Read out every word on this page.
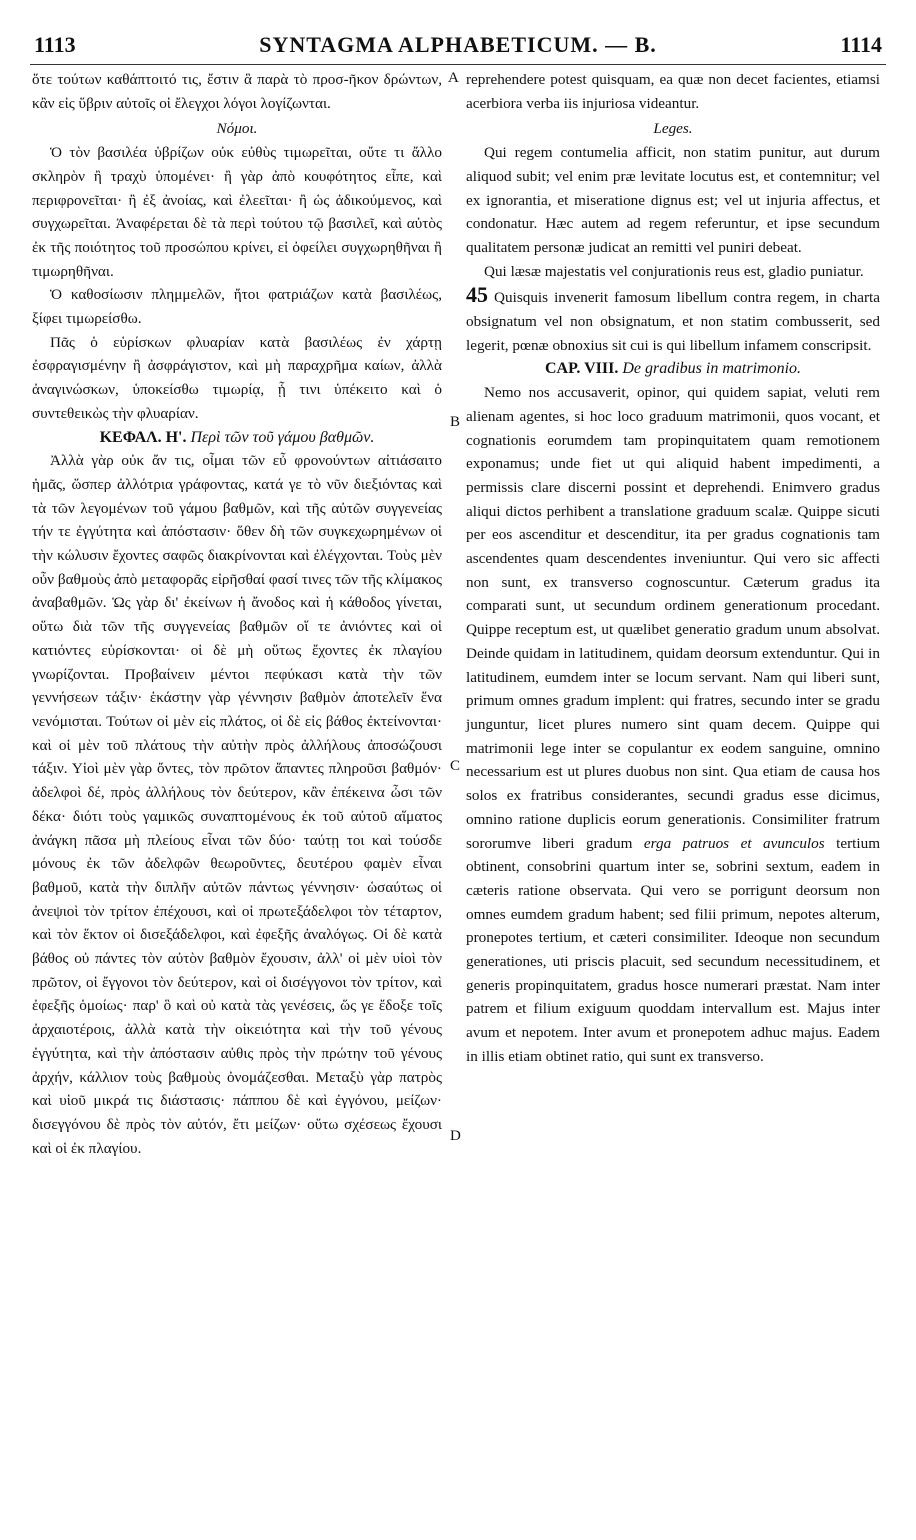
1113	SYNTAGMA ALPHABETICUM. — B.	1114

ὅτε τούτων καθάπτοιτό τις, ἔστιν ἃ παρὰ τὸ προσ-ῆκον δρώντων, κἂν εἰς ὕβριν αὐτοῖς οἱ ἔλεγχοι λόγοι λογίζωνται.

Νόμοι.

Ὁ τὸν βασιλέα ὑβρίζων οὐκ εὐθὺς τιμωρεῖται, οὔτε τι ἄλλο σκληρὸν ἢ τραχὺ ὑπομένει· ἢ γὰρ ἀπὸ κουφότητος εἶπε, καὶ περιφρονεῖται· ἢ ἐξ ἀνοίας, καὶ ἐλεεῖται· ἢ ὡς ἀδικούμενος, καὶ συγχωρεῖται. Ἀναφέρεται δὲ τὰ περὶ τούτου τῷ βασιλεῖ, καὶ αὐτὸς ἐκ τῆς ποιότητος τοῦ προσώπου κρίνει, εἰ ὀφείλει συγχωρηθῆναι ἢ τιμωρηθῆναι.

Ὁ καθοσίωσιν πλημμελῶν, ἤτοι φατριάζων κατὰ βασιλέως, ξίφει τιμωρείσθω.

Πᾶς ὁ εὑρίσκων φλυαρίαν κατὰ βασιλέως ἐν χάρτῃ ἐσφραγισμένην ἢ ἀσφράγιστον, καὶ μὴ παραχρῆμα καίων, ἀλλὰ ἀναγινώσκων, ὑποκείσθω τιμωρίᾳ, ᾗ τινι ὑπέκειτο καὶ ὁ συντεθεικὼς τὴν φλυαρίαν.

ΚΕΦΑΛ. Η'. Περὶ τῶν τοῦ γάμου βαθμῶν.

Ἀλλὰ γὰρ οὐκ ἄν τις, οἶμαι τῶν εὖ φρονούντων αἰτιάσαιτο ἡμᾶς, ὥσπερ ἀλλότρια γράφοντας, κατά γε τὸ νῦν διεξιόντας καὶ τὰ τῶν λεγομένων τοῦ γάμου βαθμῶν, καὶ τῆς αὐτῶν συγγενείας τήν τε ἐγγύτητα καὶ ἀπόστασιν· ὅθεν δὴ τῶν συγκεχωρημένων οἱ τὴν κώλυσιν ἔχοντες σαφῶς διακρίνονται καὶ ἐλέγχονται. Τοὺς μὲν οὖν βαθμοὺς ἀπὸ μεταφορᾶς εἰρῆσθαί φασί τινες τῶν τῆς κλίμακος ἀναβαθμῶν. Ὡς γὰρ δι' ἐκείνων ἡ ἄνοδος καὶ ἡ κάθοδος γίνεται, οὕτω διὰ τῶν τῆς συγγενείας βαθμῶν οἵ τε ἀνιόντες καὶ οἱ κατιόντες εὑρίσκονται· οἱ δὲ μὴ οὕτως ἔχοντες ἐκ πλαγίου γνωρίζονται. Προβαίνειν μέντοι πεφύκασι κατὰ τὴν τῶν γεννήσεων τάξιν· ἑκάστην γὰρ γέννησιν βαθμὸν ἀποτελεῖν ἕνα νενόμισται. Τούτων οἱ μὲν εἰς πλάτος, οἱ δὲ εἰς βάθος ἐκτείνονται· καὶ οἱ μὲν τοῦ πλάτους τὴν αὐτὴν πρὸς ἀλλήλους ἀποσώζουσι τάξιν. Υἱοὶ μὲν γὰρ ὄντες, τὸν πρῶτον ἅπαντες πληροῦσι βαθμόν· ἀδελφοὶ δέ, πρὸς ἀλλήλους τὸν δεύτερον, κἂν ἐπέκεινα ὦσι τῶν δέκα· διότι τοὺς γαμικῶς συναπτομένους ἐκ τοῦ αὐτοῦ αἵματος ἀνάγκη πᾶσα μὴ πλείους εἶναι τῶν δύο· ταύτῃ τοι καὶ τούσδε μόνους ἐκ τῶν ἀδελφῶν θεωροῦντες, δευτέρου φαμὲν εἶναι βαθμοῦ, κατὰ τὴν διπλῆν αὐτῶν πάντως γέννησιν· ὡσαύτως οἱ ἀνεψιοὶ τὸν τρίτον ἐπέχουσι, καὶ οἱ πρωτεξάδελφοι τὸν τέταρτον, καὶ τὸν ἕκτον οἱ δισεξάδελφοι, καὶ ἐφεξῆς ἀναλόγως. Οἱ δὲ κατὰ βάθος οὐ πάντες τὸν αὐτὸν βαθμὸν ἔχουσιν, ἀλλ' οἱ μὲν υἱοὶ τὸν πρῶτον, οἱ ἔγγονοι τὸν δεύτερον, καὶ οἱ δισέγγονοι τὸν τρίτον, καὶ ἐφεξῆς ὁμοίως· παρ' ὃ καὶ οὐ κατὰ τὰς γενέσεις, ὥς γε ἔδοξε τοῖς ἀρχαιοτέροις, ἀλλὰ κατὰ τὴν οἰκειότητα καὶ τὴν τοῦ γένους ἐγγύτητα, καὶ τὴν ἀπόστασιν αὐθις πρὸς τὴν πρώτην τοῦ γένους ἀρχήν, κάλλιον τοὺς βαθμοὺς ὀνομάζεσθαι. Μεταξὺ γὰρ πατρὸς καὶ υἱοῦ μικρά τις διάστασις· πάππου δὲ καὶ ἐγγόνου, μείζων· δισεγγόνου δὲ πρὸς τὸν αὐτόν, ἔτι μείζων· οὕτω σχέσεως ἔχουσι καὶ οἱ ἐκ πλαγίου.

reprehendere potest quisquam, ea quæ non decet facientes, etiamsi acerbiora verba iis injuriosa videantur.

Leges.

Qui regem contumelia afficit, non statim punitur, aut durum aliquod subit; vel enim præ levitate locutus est, et contemnitur; vel ex ignorantia, et miseratione dignus est; vel ut injuria affectus, et condonatur. Hæc autem ad regem referuntur, et ipse secundum qualitatem personæ judicat an remitti vel puniri debeat.

Qui læsæ majestatis vel conjurationis reus est, gladio puniatur.

45 Quisquis invenerit famosum libellum contra regem, in charta obsignatum vel non obsignatum, et non statim combusserit, sed legerit, pœnæ obnoxius sit cui is qui libellum infamem conscripsit.

CAP. VIII. De gradibus in matrimonio.

Nemo nos accusaverit, opinor, qui quidem sapiat, veluti rem alienam agentes, si hoc loco graduum matrimonii, quos vocant, et cognationis eorumdem tam propinquitatem quam remotionem exponamus; unde fiet ut qui aliquid habent impedimenti, a permissis clare discerni possint et deprehendi. Enimvero gradus aliqui dictos perhibent a translatione graduum scalæ. Quippe sicuti per eos ascenditur et descenditur, ita per gradus cognationis tam ascendentes quam descendentes inveniuntur. Qui vero sic affecti non sunt, ex transverso cognoscuntur. Cæterum gradus ita comparati sunt, ut secundum ordinem generationum procedant. Quippe receptum est, ut quælibet generatio gradum unum absolvat. Deinde quidam in latitudinem, quidam deorsum extenduntur. Qui in latitudinem, eumdem inter se locum servant. Nam qui liberi sunt, primum omnes gradum implent: qui fratres, secundo inter se gradu junguntur, licet plures numero sint quam decem. Quippe qui matrimonii lege inter se copulantur ex eodem sanguine, omnino necessarium est ut plures duobus non sint. Qua etiam de causa hos solos ex fratribus considerantes, secundi gradus esse dicimus, omnino ratione duplicis eorum generationis. Consimiliter fratrum sororumve liberi gradum erga patruos et avunculos tertium obtinent, consobrini quartum inter se, sobrini sextum, eadem in cæteris ratione observata. Qui vero se porrigunt deorsum non omnes eumdem gradum habent; sed filii primum, nepotes alterum, pronepotes tertium, et cæteri consimiliter. Ideoque non secundum generationes, uti priscis placuit, sed secundum necessitudinem, et generis propinquitatem, gradus hosce numerari præstat. Nam inter patrem et filium exiguum quoddam intervallum est. Majus inter avum et nepotem. Inter avum et pronepotem adhuc majus. Eadem in illis etiam obtinet ratio, qui sunt ex transverso.

A
B
C
D
